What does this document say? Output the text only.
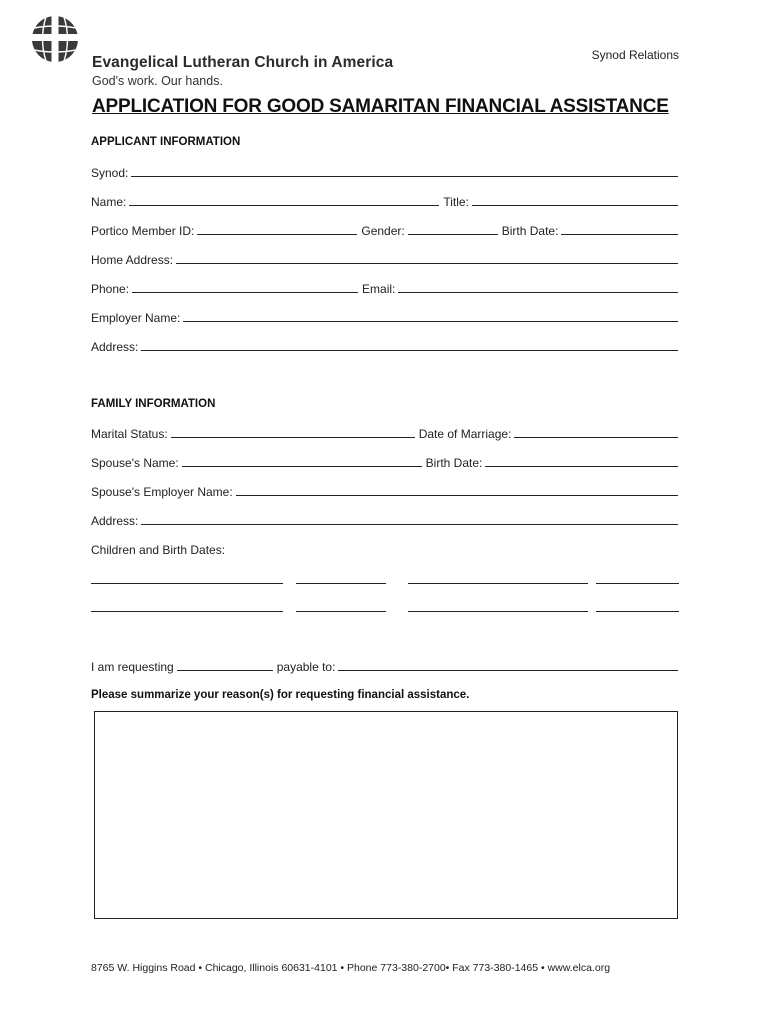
Evangelical Lutheran Church in America
God's work. Our hands.
Synod Relations
APPLICATION FOR GOOD SAMARITAN FINANCIAL ASSISTANCE
APPLICANT INFORMATION
Synod:
Name:	Title:
Portico Member ID:	Gender:	Birth Date:
Home Address:
Phone:	Email:
Employer Name:
Address:
FAMILY INFORMATION
Marital Status:	Date of Marriage:
Spouse's Name:	Birth Date:
Spouse's Employer Name:
Address:
Children and Birth Dates:
I am requesting	payable to:
Please summarize your reason(s) for requesting financial assistance.
8765 W. Higgins Road • Chicago, Illinois 60631-4101 • Phone 773-380-2700• Fax 773-380-1465 • www.elca.org
